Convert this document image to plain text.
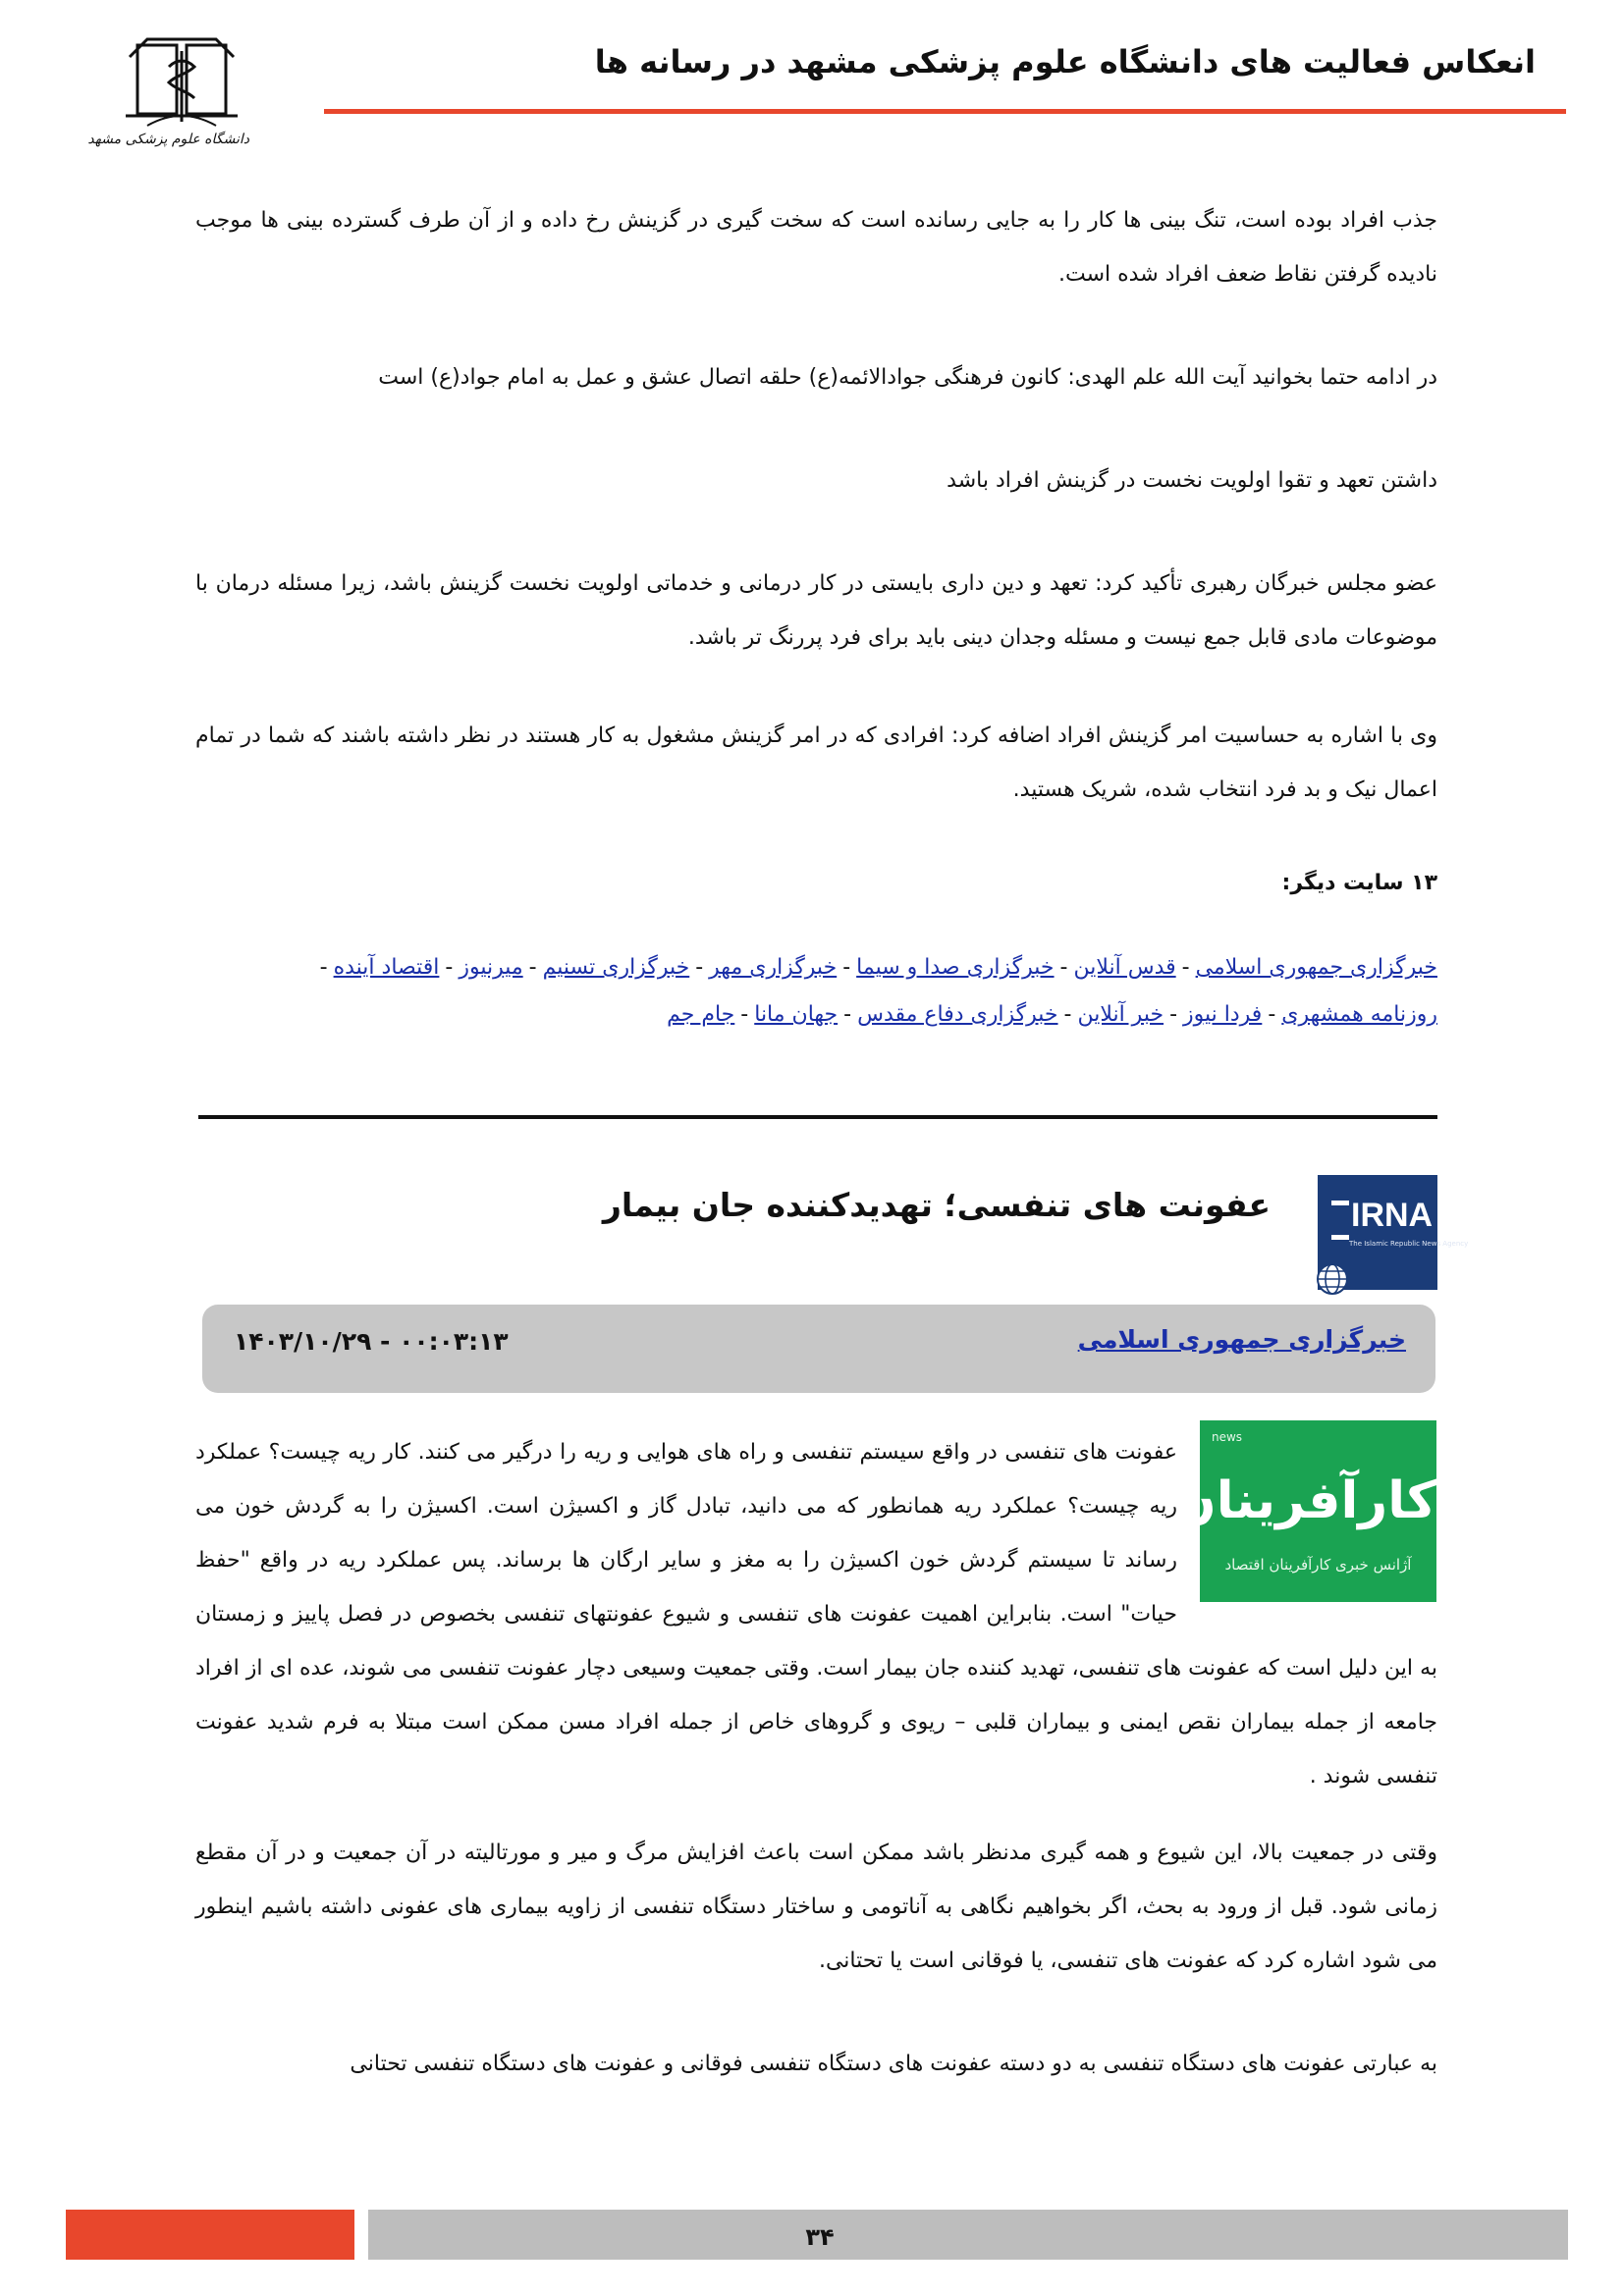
انعکاس فعالیت های دانشگاه علوم پزشکی مشهد در رسانه ها
دانشگاه علوم پزشکی مشهد

جذب افراد بوده است، تنگ بینی ها کار را به جایی رسانده است که سخت گیری در گزینش رخ داده و از آن طرف گسترده بینی ها موجب نادیده گرفتن نقاط ضعف افراد شده است.

در ادامه حتما بخوانید آیت الله علم الهدی: کانون فرهنگی جوادالائمه(ع) حلقه اتصال عشق و عمل به امام جواد(ع) است

داشتن تعهد و تقوا اولویت نخست در گزینش افراد باشد

عضو مجلس خبرگان رهبری تأکید کرد: تعهد و دین داری بایستی در کار درمانی و خدماتی اولویت نخست گزینش باشد، زیرا مسئله درمان با موضوعات مادی قابل جمع نیست و مسئله وجدان دینی باید برای فرد پررنگ تر باشد.

وی با اشاره به حساسیت امر گزینش افراد اضافه کرد: افرادی که در امر گزینش مشغول به کار هستند در نظر داشته باشند که شما در تمام اعمال نیک و بد فرد انتخاب شده، شریک هستید.

۱۳ سایت دیگر:
خبرگزاری جمهوری اسلامی-قدس آنلاین-خبرگزاری صدا و سیما-خبرگزاری مهر-خبرگزاری تسنیم-میرنیوز-اقتصاد آینده-
روزنامه همشهری-فردا نیوز-خبر آنلاین-خبرگزاری دفاع مقدس-جهان مانا-جام جم
IRNA
The Islamic Republic News Agency
عفونت های تنفسی؛ تهدیدکننده جان بیمار
خبرگزاری جمهوری اسلامی
۱۴۰۳/۱۰/۲۹ - ۰۰:۰۳:۱۳
news
کارآفرینان
آژانس خبری کارآفرینان اقتصاد

عفونت های تنفسی در واقع سیستم تنفسی و راه های هوایی و ریه را درگیر می کنند. کار ریه چیست؟ عملکرد ریه چیست؟ عملکرد ریه همانطور که می دانید، تبادل گاز و اکسیژن است. اکسیژن را به گردش خون می رساند تا سیستم گردش خون اکسیژن را به مغز و سایر ارگان ها برساند. پس عملکرد ریه در واقع "حفظ حیات" است. بنابراین اهمیت عفونت های تنفسی و شیوع عفونتهای تنفسی بخصوص در فصل پاییز و زمستان به این دلیل است که عفونت های تنفسی، تهدید کننده جان بیمار است. وقتی جمعیت وسیعی دچار عفونت تنفسی می شوند، عده ای از افراد جامعه از جمله بیماران نقص ایمنی و بیماران قلبی – ریوی و گروهای خاص از جمله افراد مسن ممکن است مبتلا به فرم شدید عفونت تنفسی شوند .

وقتی در جمعیت بالا، این شیوع و همه گیری مدنظر باشد ممکن است باعث افزایش مرگ و میر و مورتالیته در آن جمعیت و در آن مقطع زمانی شود. قبل از ورود به بحث، اگر بخواهیم نگاهی به آناتومی و ساختار دستگاه تنفسی از زاویه بیماری های عفونی داشته باشیم اینطور می شود اشاره کرد که عفونت های تنفسی، یا فوقانی است یا تحتانی.

به عبارتی عفونت های دستگاه تنفسی به دو دسته عفونت های دستگاه تنفسی فوقانی و عفونت های دستگاه تنفسی تحتانی

۳۴
